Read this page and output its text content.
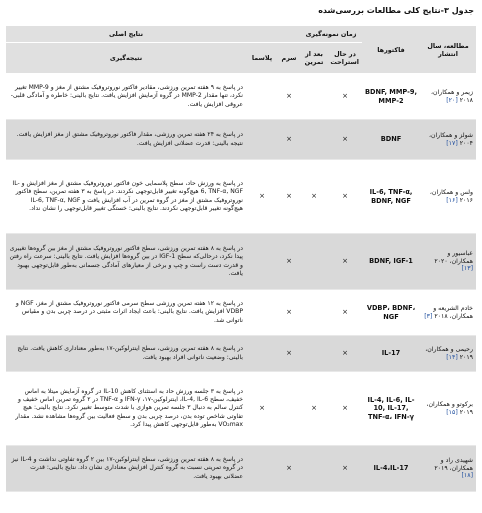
جدول ۳-نتایج کلی مطالعات بررسی‌شده
مطالعه، سال انتشار	فاکتورها	زمان نمونه‌گیری				نتایج اصلی
		در حال استراحت	بعد از تمرین	سرم	پلاسما	نتیجه‌گیری
زیمر و همکاران، ۲۰۱۸ [۲۰]	BDNF, MMP-9, MMP-2	×		×		در پاسخ به ۹ هفته تمرین ورزشی، مقادیر فاکتور نوروتروفیک مشتق از مغز و MMP-9 تغییر نکرد، تنها مقدار MMP-2 در گروه آزمایش افزایش یافت. نتایج بالینی: خاطره و آمادگی قلبی-عروقی افزایش یافت.
شولز و همکاران، ۲۰۰۴ [۱۷]	BDNF	×		×		در پاسخ به ۲۴ هفته تمرین ورزشی، مقدار فاکتور نوروتروفیک مشتق از مغز افزایش یافت. نتیجه بالینی: قدرت عضلانی افزایش یافت.
ولس و همکاران، ۲۰۱۶ [۱۶]	IL-6, TNF-α, BDNF, NGF	×	×	×	×	در پاسخ به ورزش حاد، سطح پلاسمایی خون فاکتور نوروتروفیک مشتق از مغز افزایش و IL-6, TNF-α, NGF هیچ‌گونه تغییر قابل‌توجهی نکردند. در پاسخ به ۳ هفته تمرین، سطح فاکتور نوروتروفیک مشتق از مغز در گروه تمرین در آب افزایش یافت و IL-6, TNF-α, NGF هیچ‌گونه تغییر قابل‌توجهی نکردند. نتایج بالینی: خستگی تغییر قابل‌توجهی را نشان نداد.
عباسیور و همکاران، ۲۰۲۰ [۱۳]	BDNF, IGF-1	×		×		در پاسخ به ۸ هفته تمرین ورزشی، سطح فاکتور نوروتروفیک مشتق از مغز بین گروه‌ها تغییری پیدا نکرد، درحالی‌که سطح IGF-1 در بین گروه‌ها افزایش یافت. نتایج بالینی: سرعت راه رفتن و قدرت دست راست و چپ و برخی از معیارهای آمادگی جسمانی به‌طور قابل‌توجهی بهبود یافت.
خادم الشریعه و همکاران، ۲۰۱۸ [۳]	VDBP، BDNF، NGF	×		×		در پاسخ به ۱۲ هفته تمرین ورزشی سطح سرمی فاکتور نوروتروفیک مشتق از مغز، NGF و VDBP افزایش یافت. نتایج بالینی: باعث ایجاد اثرات مثبتی در درصد چربی بدن و مقیاس ناتوانی شد.
رحیمی و همکاران، ۲۰۱۹ [۱۴]	IL-17	×		×		در پاسخ به ۸ هفته تمرین ورزشی، سطح اینترلوکین-۱۷ به‌طور معناداری کاهش یافت. نتایج بالینی: وضعیت ناتوانی افراد بهبود یافت.
برکوتو و همکاران، ۲۰۱۹ [۱۵]	IL-4, IL-6, IL-10, IL-17, TNF-α، IFN-γ	×	×		×	در پاسخ به ۳ جلسه ورزش حاد به استثنای کاهش IL-10 در گروه آزمایش میتلا به اماس خفیف، سطح IL-4, IL-6، اینترلوکین-۱۷، IFN-γ و TNF-α در ۲ گروه تمرین اماس خفیف و کنترل سالم به دنبال ۳ جلسه تمرین هوازی با شدت متوسط تغییر نکرد. نتایج بالینی: هیچ تفاوتی شاخص توده بدن، درصد چربی بدن و سطح فعالیت بین گروه‌ها مشاهده نشد. مقدار VO₂max به‌طور قابل‌توجهی کاهش پیدا کرد.
شهیدی راد و همکاران، ۲۰۱۹ [۱۸]	IL-4،IL-17	×		×		در پاسخ به ۸ هفته تمرین ورزشی، سطح اینترلوکین-۱۷ بین ۲ گروه تفاوتی نداشت و IL-4 نیز در گروه تمرینی نسبت به گروه کنترل افزایش معناداری نشان داد. نتایج بالینی: قدرت عضلانی بهبود یافت.
